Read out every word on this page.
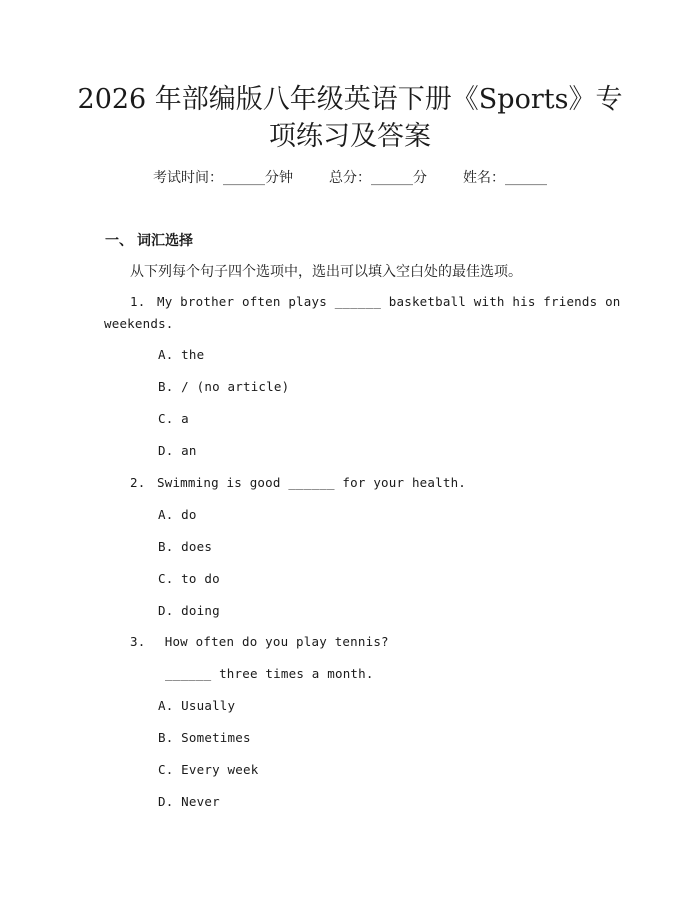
2026 年部编版八年级英语下册《Sports》专
项练习及答案
考试时间：______分钟	总分：______分	姓名：______
一、 词汇选择
从下列每个句子四个选项中，选出可以填入空白处的最佳选项。
1. My brother often plays ______ basketball with his friends on
weekends.
A. the
B. / (no article)
C. a
D. an
2. Swimming is good ______ for your health.
A. do
B. does
C. to do
D. doing
3. How often do you play tennis?
______ three times a month.
A. Usually
B. Sometimes
C. Every week
D. Never
